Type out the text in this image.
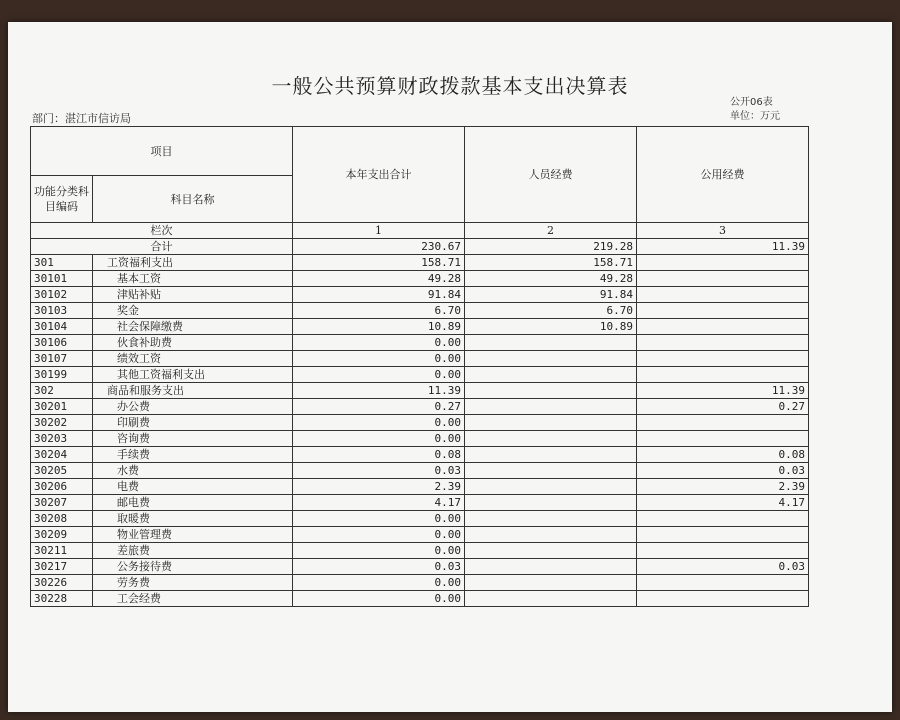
一般公共预算财政拨款基本支出决算表
部门：湛江市信访局
公开06表
单位：万元
项目		本年支出合计	人员经费	公用经费
功能分类科目编码	科目名称			
栏次		1	2	3
合计		230.67	219.28	11.39
301	工资福利支出	158.71	158.71	
30101	基本工资	49.28	49.28	
30102	津贴补贴	91.84	91.84	
30103	奖金	6.70	6.70	
30104	社会保障缴费	10.89	10.89	
30106	伙食补助费	0.00		
30107	绩效工资	0.00		
30199	其他工资福利支出	0.00		
302	商品和服务支出	11.39		11.39
30201	办公费	0.27		0.27
30202	印刷费	0.00		
30203	咨询费	0.00		
30204	手续费	0.08		0.08
30205	水费	0.03		0.03
30206	电费	2.39		2.39
30207	邮电费	4.17		4.17
30208	取暖费	0.00		
30209	物业管理费	0.00		
30211	差旅费	0.00		
30217	公务接待费	0.03		0.03
30226	劳务费	0.00		
30228	工会经费	0.00		
